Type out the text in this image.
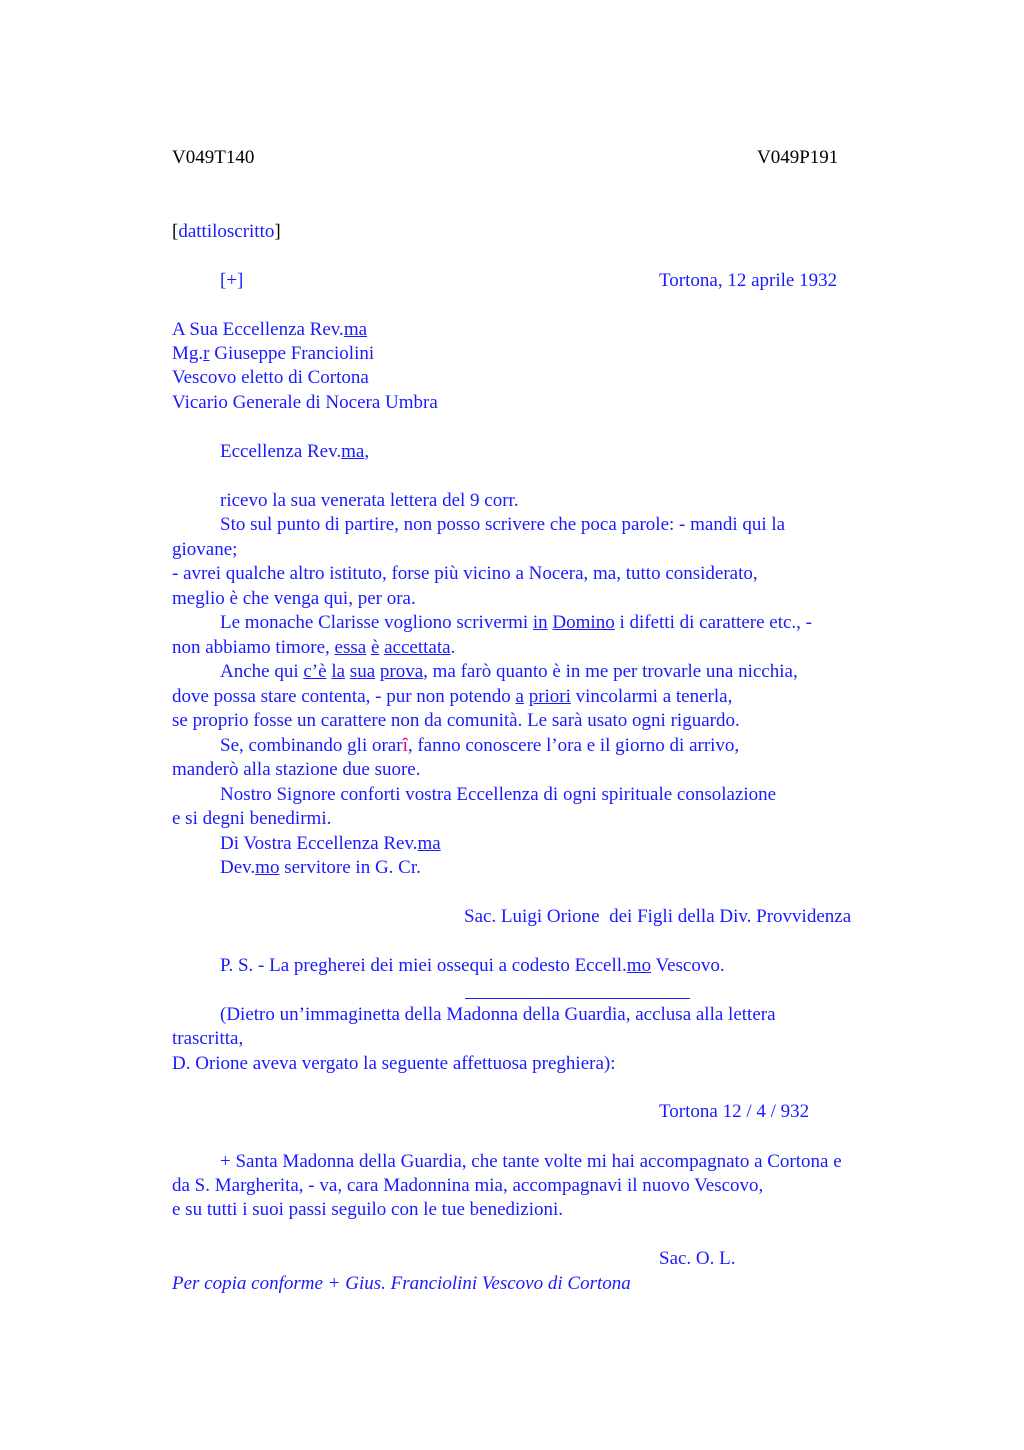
V049T140	V049P191
[dattiloscritto]
[+]	Tortona, 12 aprile 1932
A Sua Eccellenza Rev.ma
Mg.r Giuseppe Franciolini
Vescovo eletto di Cortona
Vicario Generale di Nocera Umbra
Eccellenza Rev.ma,
ricevo la sua venerata lettera del 9 corr.
Sto sul punto di partire, non posso scrivere che poca parole: - mandi qui la
giovane;
- avrei qualche altro istituto, forse più vicino a Nocera, ma, tutto considerato,
meglio è che venga qui, per ora.
Le monache Clarisse vogliono scrivermi in Domino i difetti di carattere etc., -
non abbiamo timore, essa è accettata.
Anche qui c’è la sua prova, ma farò quanto è in me per trovarle una nicchia,
dove possa stare contenta, - pur non potendo a priori vincolarmi a tenerla,
se proprio fosse un carattere non da comunità. Le sarà usato ogni riguardo.
Se, combinando gli orarî, fanno conoscere l’ora e il giorno di arrivo,
manderò alla stazione due suore.
Nostro Signore conforti vostra Eccellenza di ogni spirituale consolazione
e si degni benedirmi.
Di Vostra Eccellenza Rev.ma
Dev.mo servitore in G. Cr.
Sac. Luigi Orione  dei Figli della Div. Provvidenza
P. S. - La pregherei dei miei ossequi a codesto Eccell.mo Vescovo.
(Dietro un’immaginetta della Madonna della Guardia, acclusa alla lettera
trascritta,
D. Orione aveva vergato la seguente affettuosa preghiera):
Tortona 12 / 4 / 932
+ Santa Madonna della Guardia, che tante volte mi hai accompagnato a Cortona e
da S. Margherita, - va, cara Madonnina mia, accompagnavi il nuovo Vescovo,
e su tutti i suoi passi seguilo con le tue benedizioni.
Sac. O. L.
Per copia conforme + Gius. Franciolini Vescovo di Cortona
